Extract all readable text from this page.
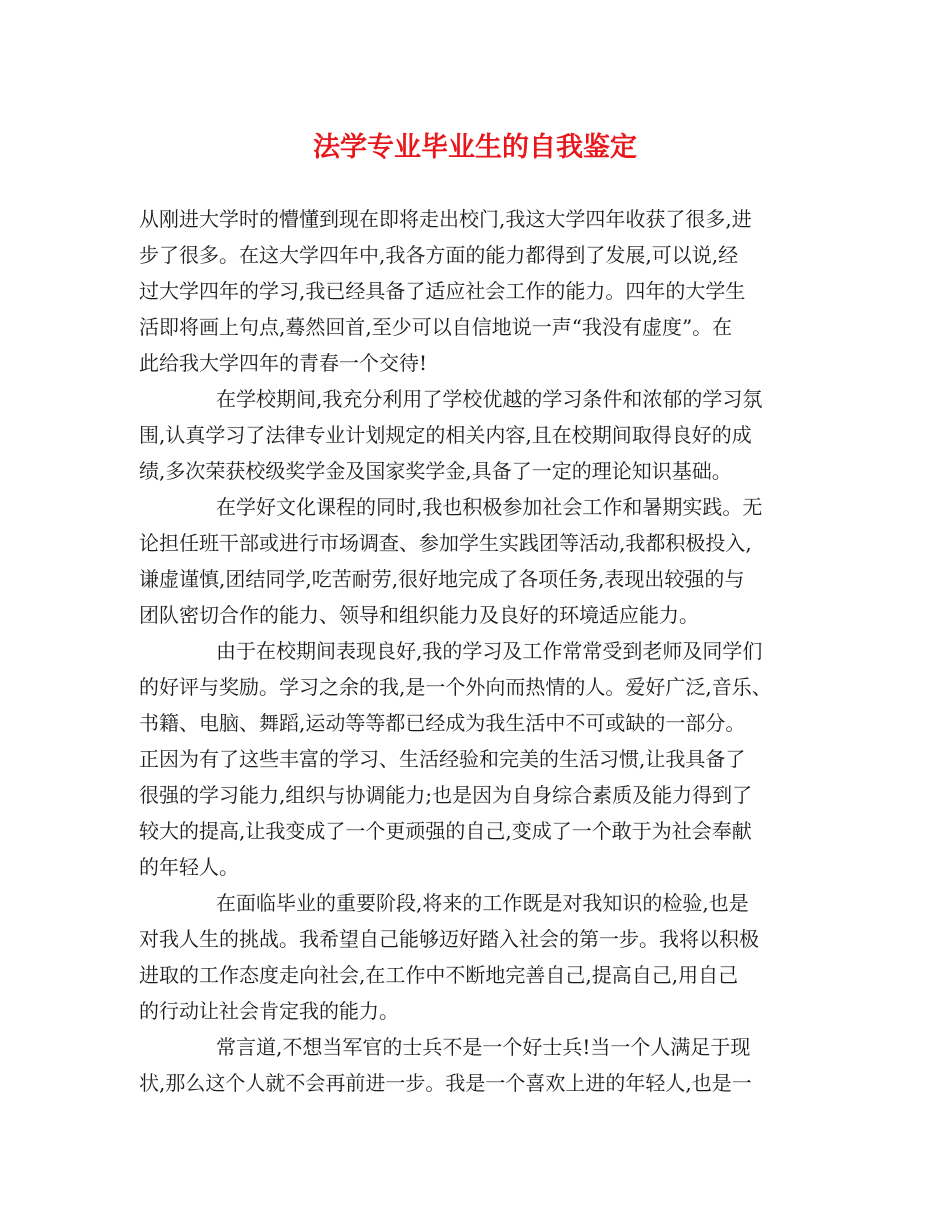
法学专业毕业生的自我鉴定
从刚进大学时的懵懂到现在即将走出校门,我这大学四年收获了很多,进
步了很多。在这大学四年中,我各方面的能力都得到了发展,可以说,经
过大学四年的学习,我已经具备了适应社会工作的能力。四年的大学生
活即将画上句点,蓦然回首,至少可以自信地说一声“我没有虚度”。在
此给我大学四年的青春一个交待!
在学校期间,我充分利用了学校优越的学习条件和浓郁的学习氛
围,认真学习了法律专业计划规定的相关内容,且在校期间取得良好的成
绩,多次荣获校级奖学金及国家奖学金,具备了一定的理论知识基础。
在学好文化课程的同时,我也积极参加社会工作和暑期实践。无
论担任班干部或进行市场调查、参加学生实践团等活动,我都积极投入,
谦虚谨慎,团结同学,吃苦耐劳,很好地完成了各项任务,表现出较强的与
团队密切合作的能力、领导和组织能力及良好的环境适应能力。
由于在校期间表现良好,我的学习及工作常常受到老师及同学们
的好评与奖励。学习之余的我,是一个外向而热情的人。爱好广泛,音乐、
书籍、电脑、舞蹈,运动等等都已经成为我生活中不可或缺的一部分。
正因为有了这些丰富的学习、生活经验和完美的生活习惯,让我具备了
很强的学习能力,组织与协调能力;也是因为自身综合素质及能力得到了
较大的提高,让我变成了一个更顽强的自己,变成了一个敢于为社会奉献
的年轻人。
在面临毕业的重要阶段,将来的工作既是对我知识的检验,也是
对我人生的挑战。我希望自己能够迈好踏入社会的第一步。我将以积极
进取的工作态度走向社会,在工作中不断地完善自己,提高自己,用自己
的行动让社会肯定我的能力。
常言道,不想当军官的士兵不是一个好士兵!当一个人满足于现
状,那么这个人就不会再前进一步。我是一个喜欢上进的年轻人,也是一
